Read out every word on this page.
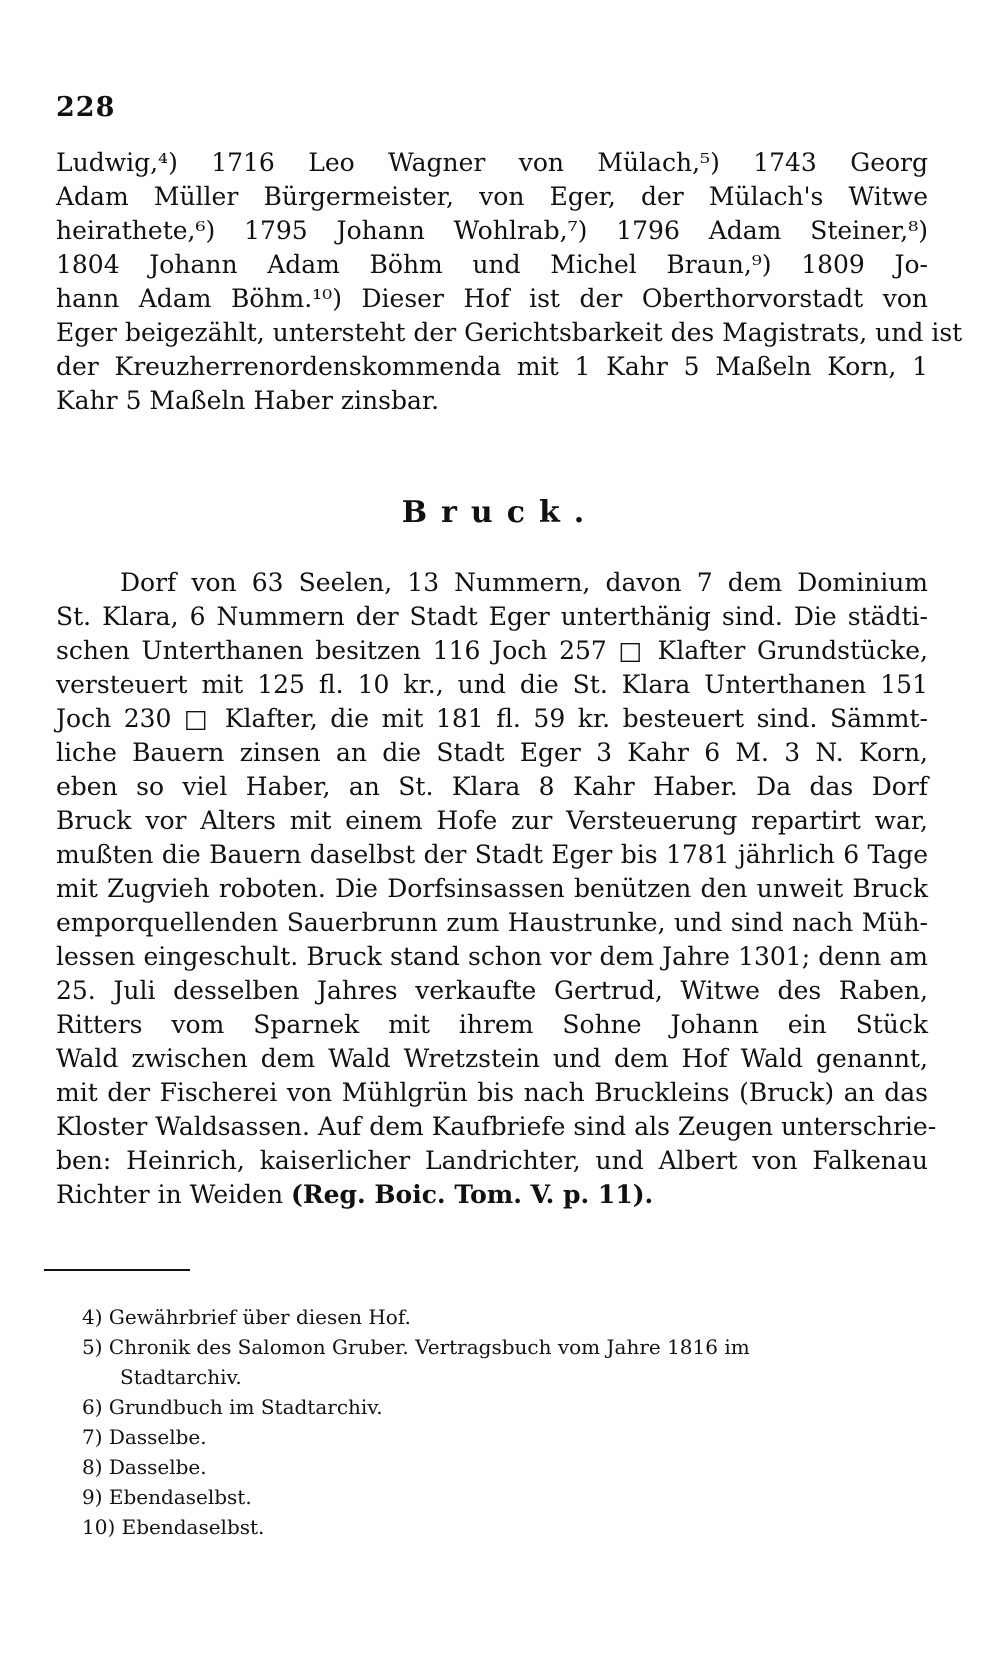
228
Ludwig,⁴) 1716 Leo Wagner von Mülach,⁵) 1743 Georg
Adam Müller Bürgermeister, von Eger, der Mülach's Witwe
heirathete,⁶) 1795 Johann Wohlrab,⁷) 1796 Adam Steiner,⁸)
1804 Johann Adam Böhm und Michel Braun,⁹) 1809 Jo-
hann Adam Böhm.¹⁰) Dieser Hof ist der Oberthorvorstadt von
Eger beigezählt, untersteht der Gerichtsbarkeit des Magistrats, und ist
der Kreuzherrenordenskommenda mit 1 Kahr 5 Maßeln Korn, 1
Kahr 5 Maßeln Haber zinsbar.
Bruck.
Dorf von 63 Seelen, 13 Nummern, davon 7 dem Dominium
St. Klara, 6 Nummern der Stadt Eger unterthänig sind. Die städti-
schen Unterthanen besitzen 116 Joch 257 □ Klafter Grundstücke,
versteuert mit 125 fl. 10 kr., und die St. Klara Unterthanen 151
Joch 230 □ Klafter, die mit 181 fl. 59 kr. besteuert sind. Sämmt-
liche Bauern zinsen an die Stadt Eger 3 Kahr 6 M. 3 N. Korn,
eben so viel Haber, an St. Klara 8 Kahr Haber. Da das Dorf
Bruck vor Alters mit einem Hofe zur Versteuerung repartirt war,
mußten die Bauern daselbst der Stadt Eger bis 1781 jährlich 6 Tage
mit Zugvieh roboten. Die Dorfsinsassen benützen den unweit Bruck
emporquellenden Sauerbrunn zum Haustrunke, und sind nach Müh-
lessen eingeschult. Bruck stand schon vor dem Jahre 1301; denn am
25. Juli desselben Jahres verkaufte Gertrud, Witwe des Raben,
Ritters vom Sparnek mit ihrem Sohne Johann ein Stück
Wald zwischen dem Wald Wretzstein und dem Hof Wald genannt,
mit der Fischerei von Mühlgrün bis nach Bruckleins (Bruck) an das
Kloster Waldsassen. Auf dem Kaufbriefe sind als Zeugen unterschrie-
ben: Heinrich, kaiserlicher Landrichter, und Albert von Falkenau
Richter in Weiden (Reg. Boic. Tom. V. p. 11).
4) Gewährbrief über diesen Hof.
5) Chronik des Salomon Gruber. Vertragsbuch vom Jahre 1816 im
Stadtarchiv.
6) Grundbuch im Stadtarchiv.
7) Dasselbe.
8) Dasselbe.
9) Ebendaselbst.
10) Ebendaselbst.
